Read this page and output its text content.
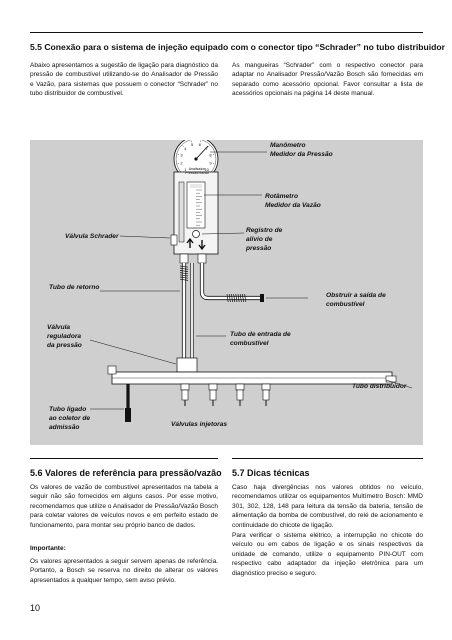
5.5 Conexão para o sistema de injeção equipado com o conector tipo “Schrader” no tubo distribuidor
Abaixo apresentamos a sugestão de ligação para diagnóstico da pressão de combustível utilizando-se do Analisador de Pressão e Vazão, para sistemas que possuem o conector “Schrader” no tubo distribuidor de combustível.
As mangueiras “Schrader” com o respectivo conector para adaptar no Analisador Pressão/Vazão Bosch são fornecidas em separado como acessório opcional. Favor consultar a lista de acessórios opcionais na página 14 deste manual.
1
2
3
4
5 6
7
8
9
10
Analisador
Pressão/Vazão
Manômetro
Medidor da Pressão
Rotâmetro
Medidor da Vazão
Válvula Schrader
Registro de
alívio de
pressão
Tubo de retorno
Obstruir a saída de
combustível
Válvula
reguladora
da pressão
Tubo de entrada de
combustível
Tubo distribuidor
Tubo ligado
ao coletor de
admissão	Válvulas injetoras
5.6 Valores de referência para pressão/vazão
Os valores de vazão de combustível apresentados na tabela a seguir não são fornecidos em alguns casos. Por esse motivo, recomendamos que utilize o Analisador de Pressão/Vazão Bosch para coletar valores de veículos novos e em perfeito estado de funcionamento, para montar seu próprio banco de dados.
Importante:
Os valores apresentados a seguir servem apenas de referência. Portanto, a Bosch se reserva no direito de alterar os valores apresentados a qualquer tempo, sem aviso prévio.
5.7 Dicas técnicas
Caso haja divergências nos valores obtidos no veículo, recomendamos utilizar os equipamentos Multímetro Bosch: MMD 301, 302, 128, 148 para leitura da tensão da bateria, tensão de alimentação da bomba de combustível, do relé de acionamento e continuidade do chicote de ligação.
Para verificar o sistema elétrico, a interrupção no chicote do veículo ou em cabos de ligação e os sinais respectivos da unidade de comando, utilize o equipamento PIN-OUT com respectivo cabo adaptador da injeção eletrônica para um diagnóstico preciso e seguro.
10
